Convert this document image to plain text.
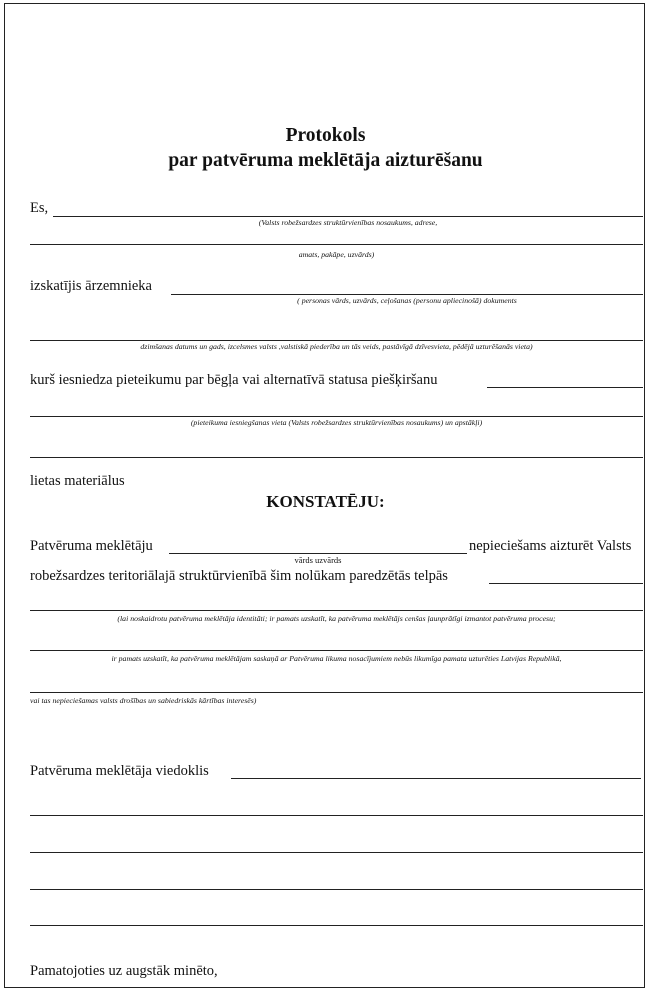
Protokols
par patvēruma meklētāja aizturēšanu
Es,
(Valsts robežsardzes struktūrvienības nosaukums, adrese,
amats, pakāpe, uzvārds)
izskatījis ārzemnieka
( personas vārds, uzvārds, ceļošanas (personu apliecinošā) dokuments
dzimšanas datums un gads, izcelsmes valsts ,valstiskā piederība un tās veids, pastāvīgā dzīvesvieta, pēdējā uzturēšanās vieta)
kurš iesniedza pieteikumu par bēgļa vai alternatīvā statusa piešķiršanu
(pieteikuma iesniegšanas vieta (Valsts robežsardzes struktūrvienības nosaukums) un apstākļi)
lietas materiālus
KONSTATĒJU:
Patvēruma meklētāju	nepieciešams aizturēt Valsts
vārds uzvārds
robežsardzes teritoriālajā struktūrvienībā šim nolūkam paredzētās telpās
(lai noskaidrotu patvēruma meklētāja identitāti; ir pamats uzskatīt, ka patvēruma meklētājs cenšas ļaunprātīgi izmantot patvēruma procesu;
ir pamats uzskatīt, ka patvēruma meklētājam saskaņā ar Patvēruma likuma nosacījumiem nebūs likumīga pamata uzturēties Latvijas Republikā,
vai tas nepieciešamas valsts drošības un sabiedriskās kārtības interesēs)
Patvēruma meklētāja viedoklis
Pamatojoties uz augstāk minēto,
